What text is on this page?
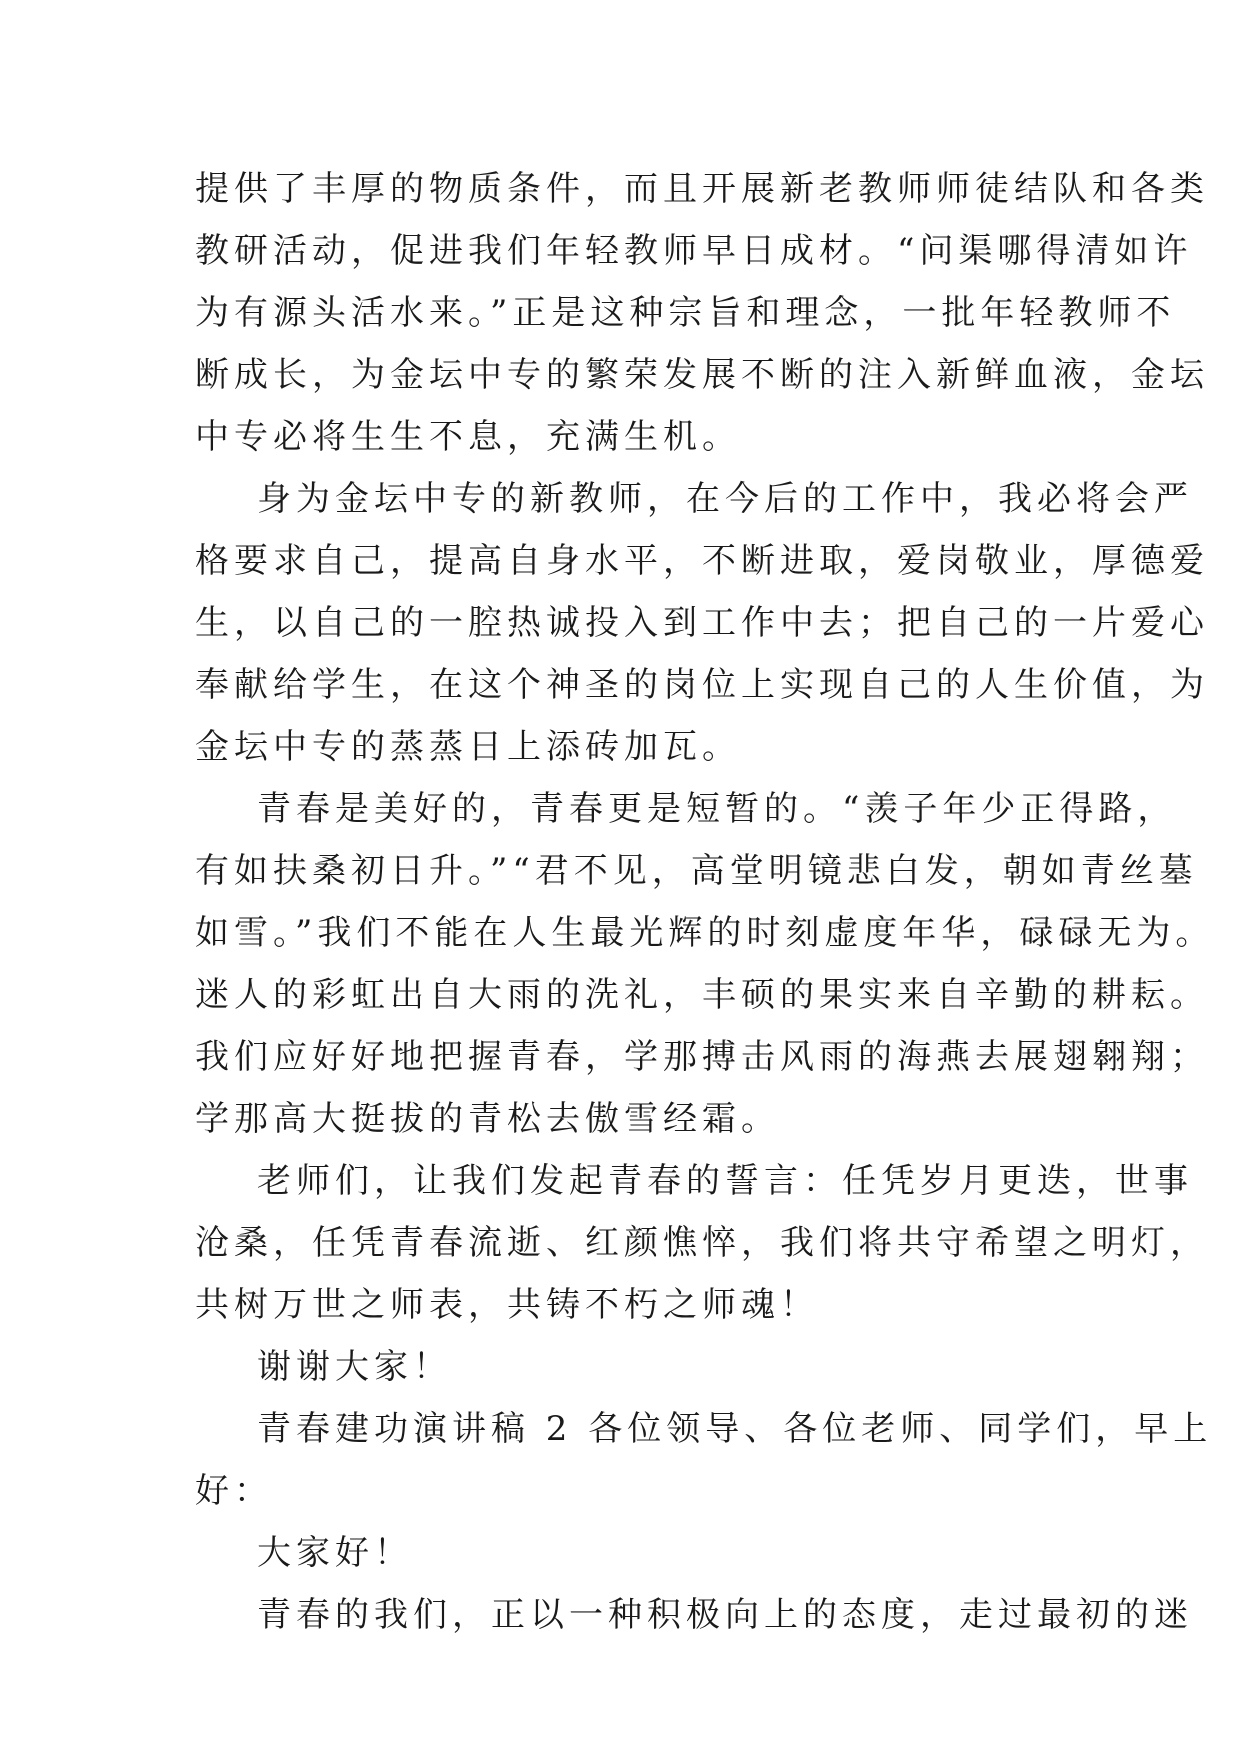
提供了丰厚的物质条件，而且开展新老教师师徒结队和各类
教研活动，促进我们年轻教师早日成材。“问渠哪得清如许
为有源头活水来。”正是这种宗旨和理念，一批年轻教师不
断成长，为金坛中专的繁荣发展不断的注入新鲜血液，金坛
中专必将生生不息，充满生机。
身为金坛中专的新教师，在今后的工作中，我必将会严
格要求自己，提高自身水平，不断进取，爱岗敬业，厚德爱
生，以自己的一腔热诚投入到工作中去；把自己的一片爱心
奉献给学生，在这个神圣的岗位上实现自己的人生价值，为
金坛中专的蒸蒸日上添砖加瓦。
青春是美好的，青春更是短暂的。“羡子年少正得路，
有如扶桑初日升。”“君不见，高堂明镜悲白发，朝如青丝墓
如雪。”我们不能在人生最光辉的时刻虚度年华，碌碌无为。
迷人的彩虹出自大雨的洗礼，丰硕的果实来自辛勤的耕耘。
我们应好好地把握青春，学那搏击风雨的海燕去展翅翱翔；
学那高大挺拔的青松去傲雪经霜。
老师们，让我们发起青春的誓言：任凭岁月更迭，世事
沧桑，任凭青春流逝、红颜憔悴，我们将共守希望之明灯，
共树万世之师表，共铸不朽之师魂！
谢谢大家！
青春建功演讲稿 2 各位领导、各位老师、同学们，早上
好：
大家好！
青春的我们，正以一种积极向上的态度，走过最初的迷
